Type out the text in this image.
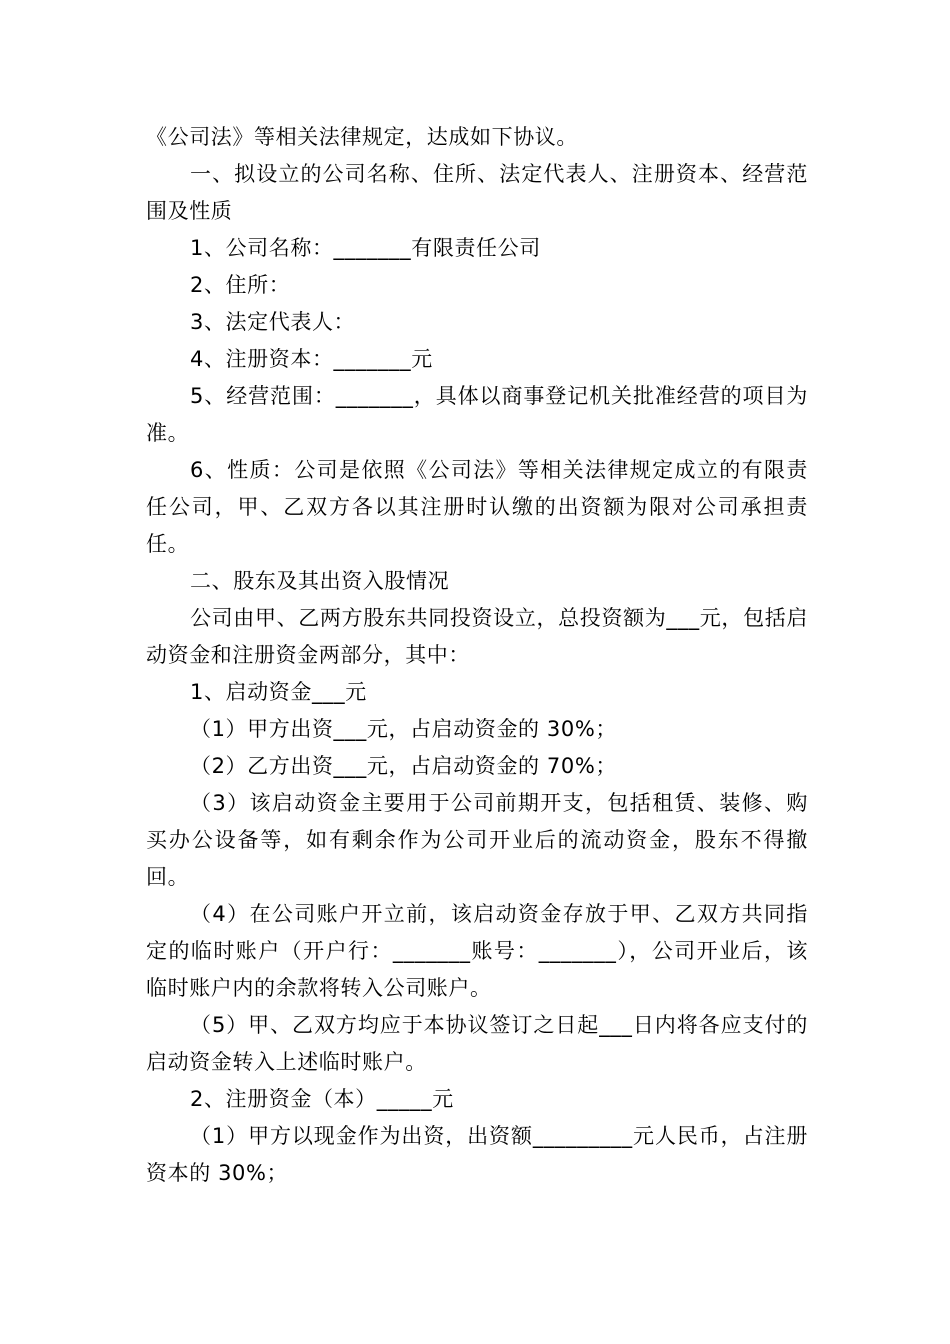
《公司法》等相关法律规定，达成如下协议。

一、拟设立的公司名称、住所、法定代表人、注册资本、经营范围及性质

1、公司名称：_______有限责任公司

2、住所：

3、法定代表人：

4、注册资本：_______元

5、经营范围：_______，具体以商事登记机关批准经营的项目为准。

6、性质：公司是依照《公司法》等相关法律规定成立的有限责任公司，甲、乙双方各以其注册时认缴的出资额为限对公司承担责任。

二、股东及其出资入股情况

公司由甲、乙两方股东共同投资设立，总投资额为___元，包括启动资金和注册资金两部分，其中：

1、启动资金___元

（1）甲方出资___元，占启动资金的 30%；

（2）乙方出资___元，占启动资金的 70%；

（3）该启动资金主要用于公司前期开支，包括租赁、装修、购买办公设备等，如有剩余作为公司开业后的流动资金，股东不得撤回。

（4）在公司账户开立前，该启动资金存放于甲、乙双方共同指定的临时账户（开户行：_______账号：_______），公司开业后，该临时账户内的余款将转入公司账户。

（5）甲、乙双方均应于本协议签订之日起___日内将各应支付的启动资金转入上述临时账户。

2、注册资金（本）_____元

（1）甲方以现金作为出资，出资额_________元人民币，占注册资本的 30%；
